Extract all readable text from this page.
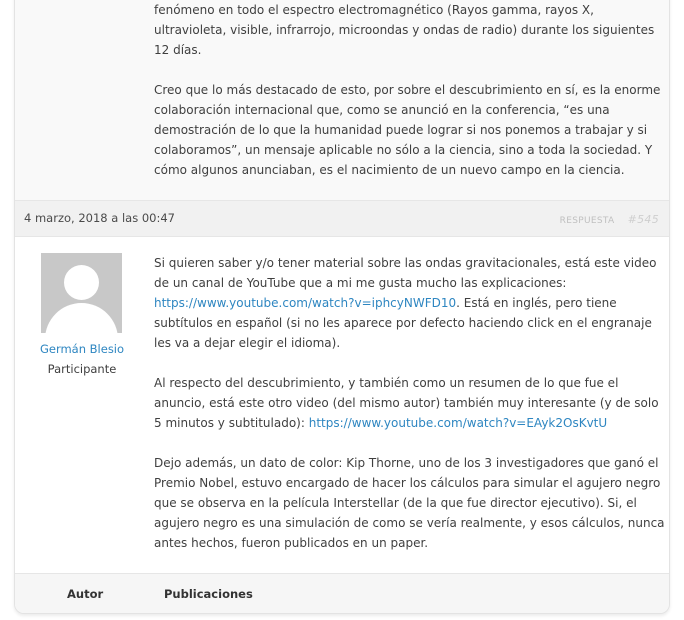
fenómeno en todo el espectro electromagnético (Rayos gamma, rayos X, ultravioleta, visible, infrarrojo, microondas y ondas de radio) durante los siguientes 12 días.

Creo que lo más destacado de esto, por sobre el descubrimiento en sí, es la enorme colaboración internacional que, como se anunció en la conferencia, “es una demostración de lo que la humanidad puede lograr si nos ponemos a trabajar y si colaboramos”, un mensaje aplicable no sólo a la ciencia, sino a toda la sociedad. Y cómo algunos anunciaban, es el nacimiento de un nuevo campo en la ciencia.

4 marzo, 2018 a las 00:47	RESPUESTA #545
Germán Blesio
Participante

Si quieren saber y/o tener material sobre las ondas gravitacionales, está este video de un canal de YouTube que a mi me gusta mucho las explicaciones: https://www.youtube.com/watch?v=iphcyNWFD10. Está en inglés, pero tiene subtítulos en español (si no les aparece por defecto haciendo click en el engranaje les va a dejar elegir el idioma).

Al respecto del descubrimiento, y también como un resumen de lo que fue el anuncio, está este otro video (del mismo autor) también muy interesante (y de solo 5 minutos y subtitulado): https://www.youtube.com/watch?v=EAyk2OsKvtU

Dejo además, un dato de color: Kip Thorne, uno de los 3 investigadores que ganó el Premio Nobel, estuvo encargado de hacer los cálculos para simular el agujero negro que se observa en la película Interstellar (de la que fue director ejecutivo). Si, el agujero negro es una simulación de como se vería realmente, y esos cálculos, nunca antes hechos, fueron publicados en un paper.

Autor	Publicaciones
